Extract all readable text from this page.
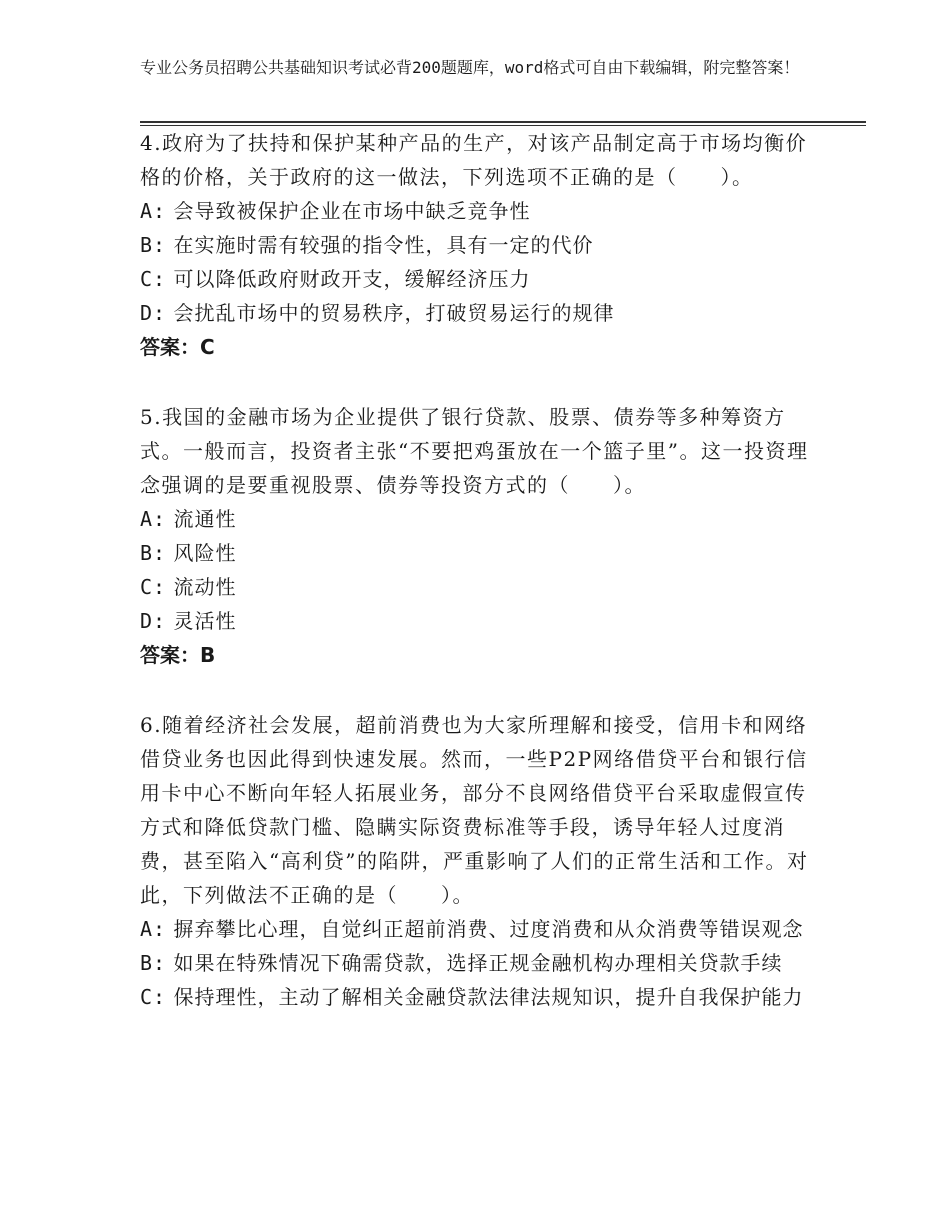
专业公务员招聘公共基础知识考试必背200题题库，word格式可自由下载编辑，附完整答案！
4.政府为了扶持和保护某种产品的生产，对该产品制定高于市场均衡价格的价格，关于政府的这一做法，下列选项不正确的是（　　）。
A: 会导致被保护企业在市场中缺乏竞争性
B: 在实施时需有较强的指令性，具有一定的代价
C: 可以降低政府财政开支，缓解经济压力
D: 会扰乱市场中的贸易秩序，打破贸易运行的规律
答案：C
5.我国的金融市场为企业提供了银行贷款、股票、债券等多种筹资方式。一般而言，投资者主张“不要把鸡蛋放在一个篮子里”。这一投资理念强调的是要重视股票、债券等投资方式的（　　）。
A: 流通性
B: 风险性
C: 流动性
D: 灵活性
答案：B
6.随着经济社会发展，超前消费也为大家所理解和接受，信用卡和网络借贷业务也因此得到快速发展。然而，一些P2P网络借贷平台和银行信用卡中心不断向年轻人拓展业务，部分不良网络借贷平台采取虚假宣传方式和降低贷款门槛、隐瞒实际资费标准等手段，诱导年轻人过度消费，甚至陷入“高利贷”的陷阱，严重影响了人们的正常生活和工作。对此，下列做法不正确的是（　　）。
A: 摒弃攀比心理，自觉纠正超前消费、过度消费和从众消费等错误观念
B: 如果在特殊情况下确需贷款，选择正规金融机构办理相关贷款手续
C: 保持理性，主动了解相关金融贷款法律法规知识，提升自我保护能力
